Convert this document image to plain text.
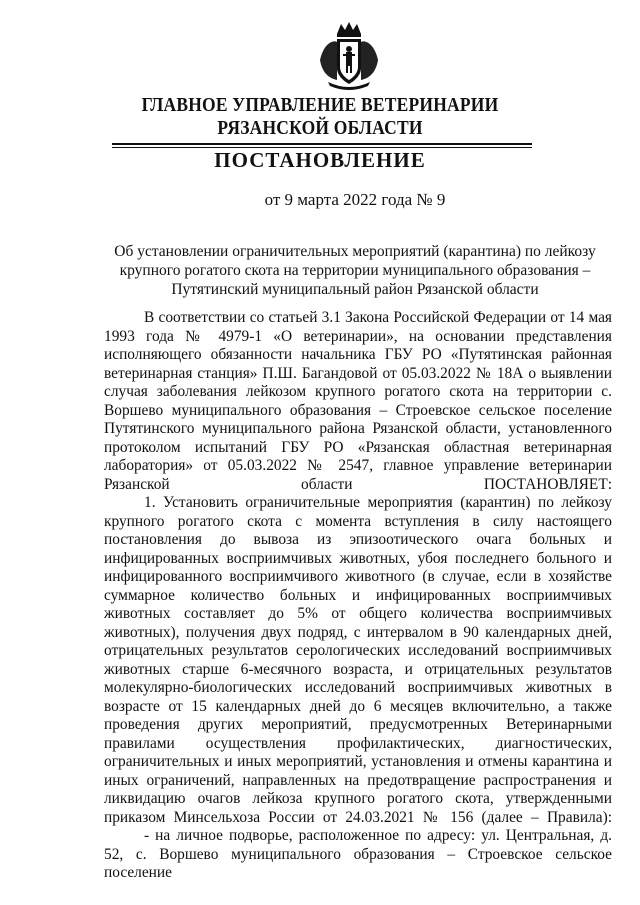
ГЛАВНОЕ УПРАВЛЕНИЕ ВЕТЕРИНАРИИ
РЯЗАНСКОЙ ОБЛАСТИ
ПОСТАНОВЛЕНИЕ
от 9 марта 2022 года № 9
Об установлении ограничительных мероприятий (карантина) по лейкозу крупного рогатого скота на территории муниципального образования – Путятинский муниципальный район Рязанской области

В соответствии со статьей 3.1 Закона Российской Федерации от 14 мая 1993 года № 4979-1 «О ветеринарии», на основании представления исполняющего обязанности начальника ГБУ РО «Путятинская районная ветеринарная станция» П.Ш. Багандовой от 05.03.2022 № 18А о выявлении случая заболевания лейкозом крупного рогатого скота на территории с. Воршево муниципального образования – Строевское сельское поселение Путятинского муниципального района Рязанской области, установленного протоколом испытаний ГБУ РО «Рязанская областная ветеринарная лаборатория» от 05.03.2022 № 2547, главное управление ветеринарии Рязанской области ПОСТАНОВЛЯЕТ:

1. Установить ограничительные мероприятия (карантин) по лейкозу крупного рогатого скота с момента вступления в силу настоящего постановления до вывоза из эпизоотического очага больных и инфицированных восприимчивых животных, убоя последнего больного и инфицированного восприимчивого животного (в случае, если в хозяйстве суммарное количество больных и инфицированных восприимчивых животных составляет до 5% от общего количества восприимчивых животных), получения двух подряд, с интервалом в 90 календарных дней, отрицательных результатов серологических исследований восприимчивых животных старше 6-месячного возраста, и отрицательных результатов молекулярно-биологических исследований восприимчивых животных в возрасте от 15 календарных дней до 6 месяцев включительно, а также проведения других мероприятий, предусмотренных Ветеринарными правилами осуществления профилактических, диагностических, ограничительных и иных мероприятий, установления и отмены карантина и иных ограничений, направленных на предотвращение распространения и ликвидацию очагов лейкоза крупного рогатого скота, утвержденными приказом Минсельхоза России от 24.03.2021 № 156 (далее – Правила):

- на личное подворье, расположенное по адресу: ул. Центральная, д. 52, с. Воршево муниципального образования – Строевское сельское поселение
